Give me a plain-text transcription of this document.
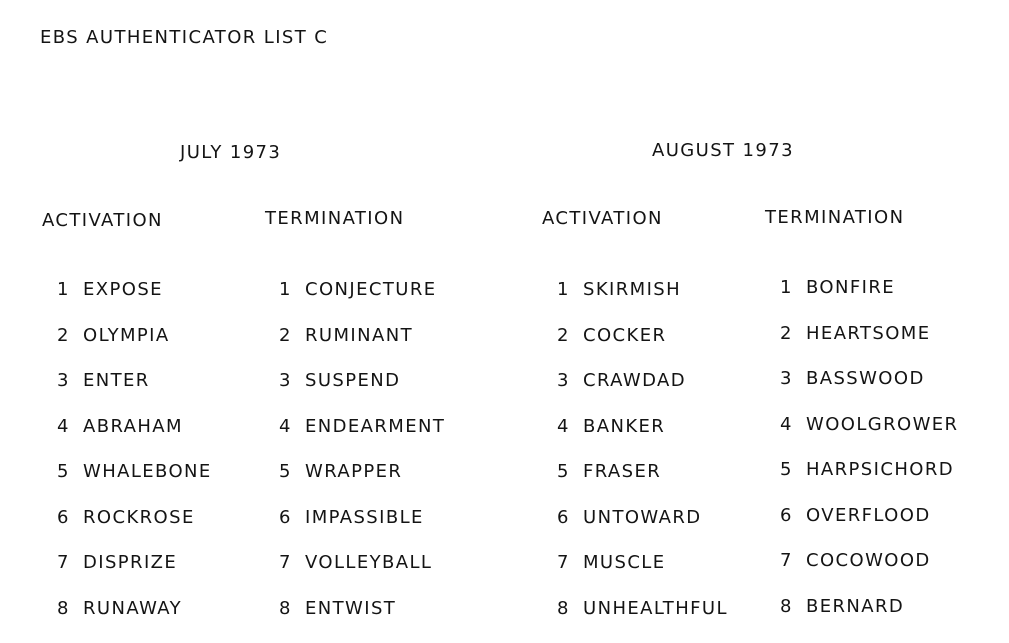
EBS AUTHENTICATOR LIST C
JULY 1973
ACTIVATION	TERMINATION
1 EXPOSE
2 OLYMPIA
3 ENTER
4 ABRAHAM
5 WHALEBONE
6 ROCKROSE
7 DISPRIZE
8 RUNAWAY
1 CONJECTURE
2 RUMINANT
3 SUSPEND
4 ENDEARMENT
5 WRAPPER
6 IMPASSIBLE
7 VOLLEYBALL
8 ENTWIST
AUGUST 1973
ACTIVATION	TERMINATION
1 SKIRMISH
2 COCKER
3 CRAWDAD
4 BANKER
5 FRASER
6 UNTOWARD
7 MUSCLE
8 UNHEALTHFUL
1 BONFIRE
2 HEARTSOME
3 BASSWOOD
4 WOOLGROWER
5 HARPSICHORD
6 OVERFLOOD
7 COCOWOOD
8 BERNARD
